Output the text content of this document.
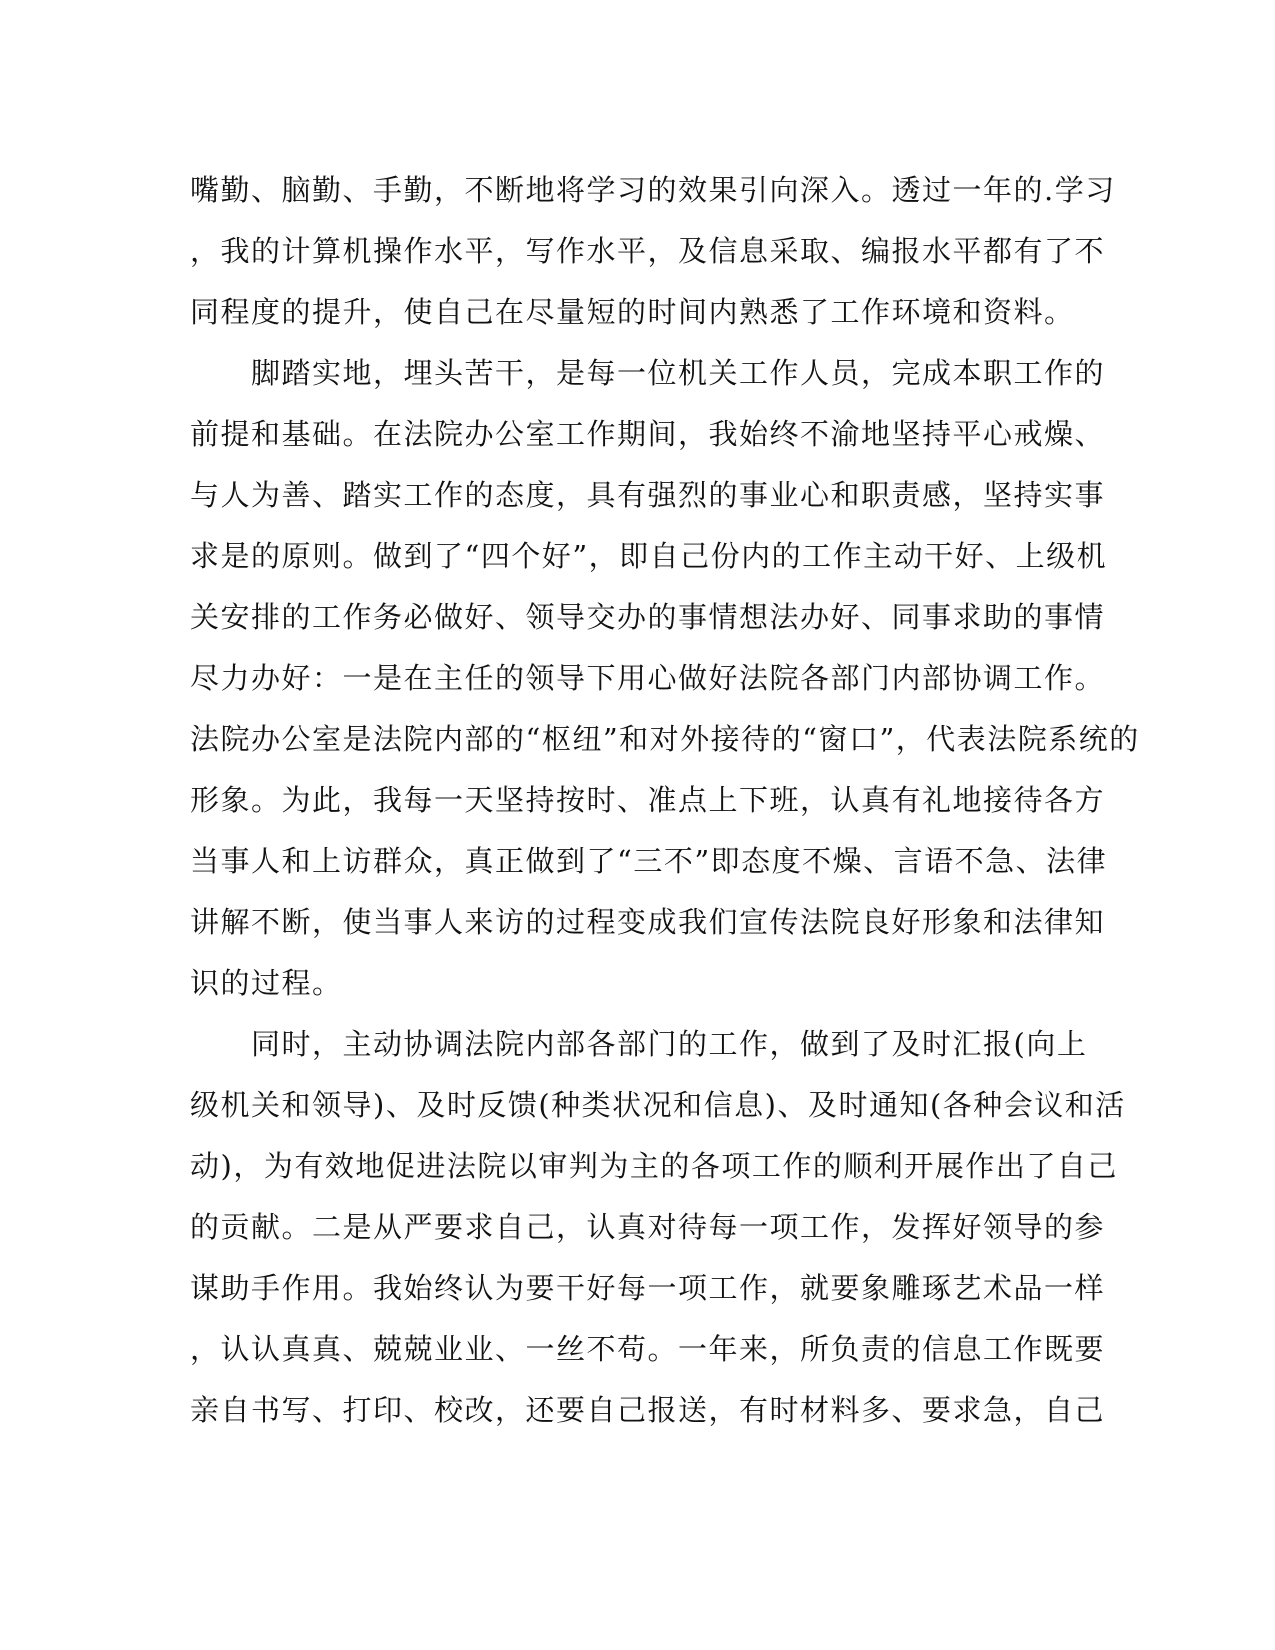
嘴勤、脑勤、手勤，不断地将学习的效果引向深入。透过一年的.学习
，我的计算机操作水平，写作水平，及信息采取、编报水平都有了不
同程度的提升，使自己在尽量短的时间内熟悉了工作环境和资料。
　　脚踏实地，埋头苦干，是每一位机关工作人员，完成本职工作的
前提和基础。在法院办公室工作期间，我始终不渝地坚持平心戒燥、
与人为善、踏实工作的态度，具有强烈的事业心和职责感，坚持实事
求是的原则。做到了“四个好”，即自己份内的工作主动干好、上级机
关安排的工作务必做好、领导交办的事情想法办好、同事求助的事情
尽力办好：一是在主任的领导下用心做好法院各部门内部协调工作。
法院办公室是法院内部的“枢纽”和对外接待的“窗口”，代表法院系统的
形象。为此，我每一天坚持按时、准点上下班，认真有礼地接待各方
当事人和上访群众，真正做到了“三不”即态度不燥、言语不急、法律
讲解不断，使当事人来访的过程变成我们宣传法院良好形象和法律知
识的过程。
　　同时，主动协调法院内部各部门的工作，做到了及时汇报(向上
级机关和领导)、及时反馈(种类状况和信息)、及时通知(各种会议和活
动)，为有效地促进法院以审判为主的各项工作的顺利开展作出了自己
的贡献。二是从严要求自己，认真对待每一项工作，发挥好领导的参
谋助手作用。我始终认为要干好每一项工作，就要象雕琢艺术品一样
，认认真真、兢兢业业、一丝不苟。一年来，所负责的信息工作既要
亲自书写、打印、校改，还要自己报送，有时材料多、要求急，自己
